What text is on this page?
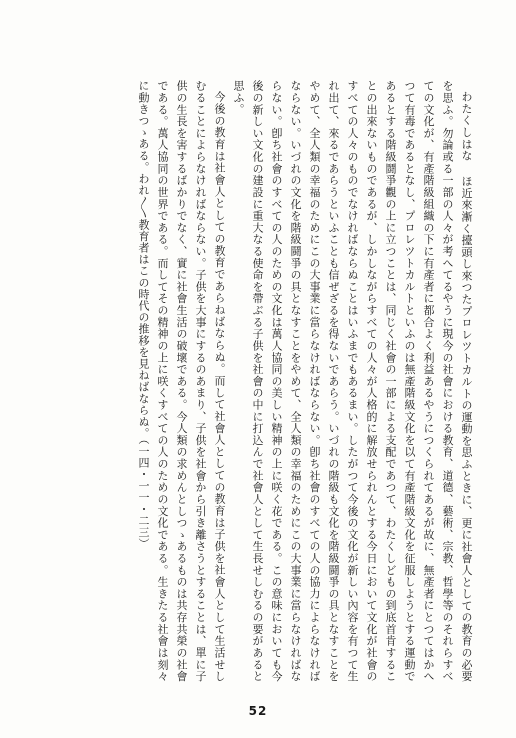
わたくしはな ほ近來漸く擡頭し來つたプロレツトカルトの運動を思ふときに、更に社會人としての教育の必要を思ふ。勿論或る一部の人々が考へてるやうに現今の社會における教育、道德、藝術、宗教、哲學等のそれらすべての文化が、有產階級組織の下に有產者に都合よく利益あるやうにつくられてあるが故に、無產者にとつてはかへつて有毒であるとなし、プロレツトカルトといふのは無產階級文化を以て有產階級文化を征服しようとする運動であるとする階級鬪爭觀の上に立つことは、同じく社會の一部による支配であつて、わたくしどもの到底首肯することの出來ないものであるが、しかしながらすべての人々が人格的に解放せられんとする今日において文化が社會のすべての人々のものでなければならぬことはいふまでもあるまい。したがつて今後の文化が新しい內容を有つて生れ出て、來るであらうといふことも信ぜざるを得ないであらう。いづれの階級も文化を階級鬪爭の具となすことをやめて、全人類の幸福のためにこの大事業に當らなければならない。卽ち社會のすべての人の協力によらなければならない。いづれの文化を階級鬪爭の具となすことをやめて、全人類の幸福のためにこの大事業に當らなければならない。卽ち社會のすべての人のための文化は萬人協同の美しい精神の上に咲く花である。この意味においても今後の新しい文化の建設に重大なる使命を帶ぶる子供を社會の中に打込んで社會人として生長せしむるの要があると思ふ。

今後の教育は社會人としての教育であらねばならぬ。而して社會人としての教育は子供を社會人として生活せしむることによらなければならない。子供を大事にするのあまり、子供を社會から引き離さうとすることは、單に子供の生長を害するばかりでなく、實に社會生活の破壞である。今人類の求めんとしつゝあるものは共存共榮の社會である。萬人協同の世界である。而してその精神の上に咲くすべての人のための文化である。生きたる社會は刻々に動きつゝある。われ〳〵教育者はこの時代の推移を見ねばならぬ。（一四・一一・二三）

52
